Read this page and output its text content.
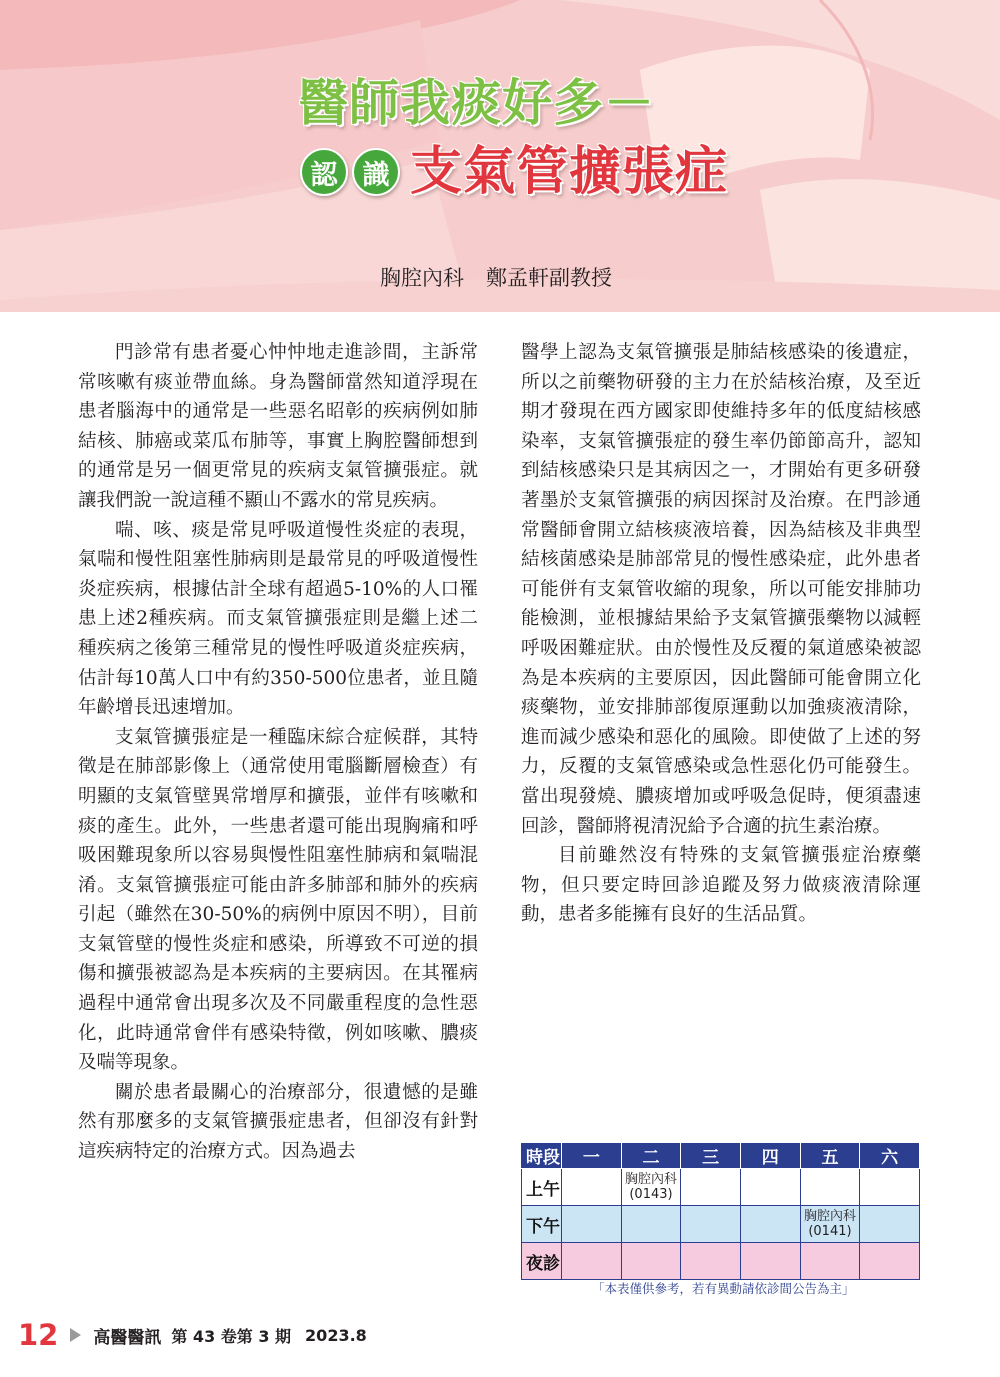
醫師我痰好多－
認 識 支氣管擴張症
胸腔內科 鄭孟軒副教授

門診常有患者憂心忡忡地走進診間，主訴常常咳嗽有痰並帶血絲。身為醫師當然知道浮現在患者腦海中的通常是一些惡名昭彰的疾病例如肺結核、肺癌或菜瓜布肺等，事實上胸腔醫師想到的通常是另一個更常見的疾病支氣管擴張症。就讓我們說一說這種不顯山不露水的常見疾病。

喘、咳、痰是常見呼吸道慢性炎症的表現，氣喘和慢性阻塞性肺病則是最常見的呼吸道慢性炎症疾病，根據估計全球有超過5-10%的人口罹患上述2種疾病。而支氣管擴張症則是繼上述二種疾病之後第三種常見的慢性呼吸道炎症疾病，估計每10萬人口中有約350-500位患者，並且隨年齡增長迅速增加。

支氣管擴張症是一種臨床綜合症候群，其特徵是在肺部影像上（通常使用電腦斷層檢查）有明顯的支氣管壁異常增厚和擴張，並伴有咳嗽和痰的產生。此外，一些患者還可能出現胸痛和呼吸困難現象所以容易與慢性阻塞性肺病和氣喘混淆。支氣管擴張症可能由許多肺部和肺外的疾病引起（雖然在30-50%的病例中原因不明），目前支氣管壁的慢性炎症和感染，所導致不可逆的損傷和擴張被認為是本疾病的主要病因。在其罹病過程中通常會出現多次及不同嚴重程度的急性惡化，此時通常會伴有感染特徵，例如咳嗽、膿痰及喘等現象。

關於患者最關心的治療部分，很遺憾的是雖然有那麼多的支氣管擴張症患者，但卻沒有針對這疾病特定的治療方式。因為過去

醫學上認為支氣管擴張是肺結核感染的後遺症，所以之前藥物研發的主力在於結核治療，及至近期才發現在西方國家即使維持多年的低度結核感染率，支氣管擴張症的發生率仍節節高升，認知到結核感染只是其病因之一，才開始有更多研發著墨於支氣管擴張的病因探討及治療。在門診通常醫師會開立結核痰液培養，因為結核及非典型結核菌感染是肺部常見的慢性感染症，此外患者可能併有支氣管收縮的現象，所以可能安排肺功能檢測，並根據結果給予支氣管擴張藥物以減輕呼吸困難症狀。由於慢性及反覆的氣道感染被認為是本疾病的主要原因，因此醫師可能會開立化痰藥物，並安排肺部復原運動以加強痰液清除，進而減少感染和惡化的風險。即使做了上述的努力，反覆的支氣管感染或急性惡化仍可能發生。當出現發燒、膿痰增加或呼吸急促時，便須盡速回診，醫師將視清況給予合適的抗生素治療。

目前雖然沒有特殊的支氣管擴張症治療藥物，但只要定時回診追蹤及努力做痰液清除運動，患者多能擁有良好的生活品質。

時段	一	二	三	四	五	六
上午		胸腔內科
(0143)				

下午					胸腔內科
(0141)	

夜診						
「本表僅供參考，若有異動請依診間公告為主」
12 高醫醫訊 第 43 卷第 3 期 2023.8
